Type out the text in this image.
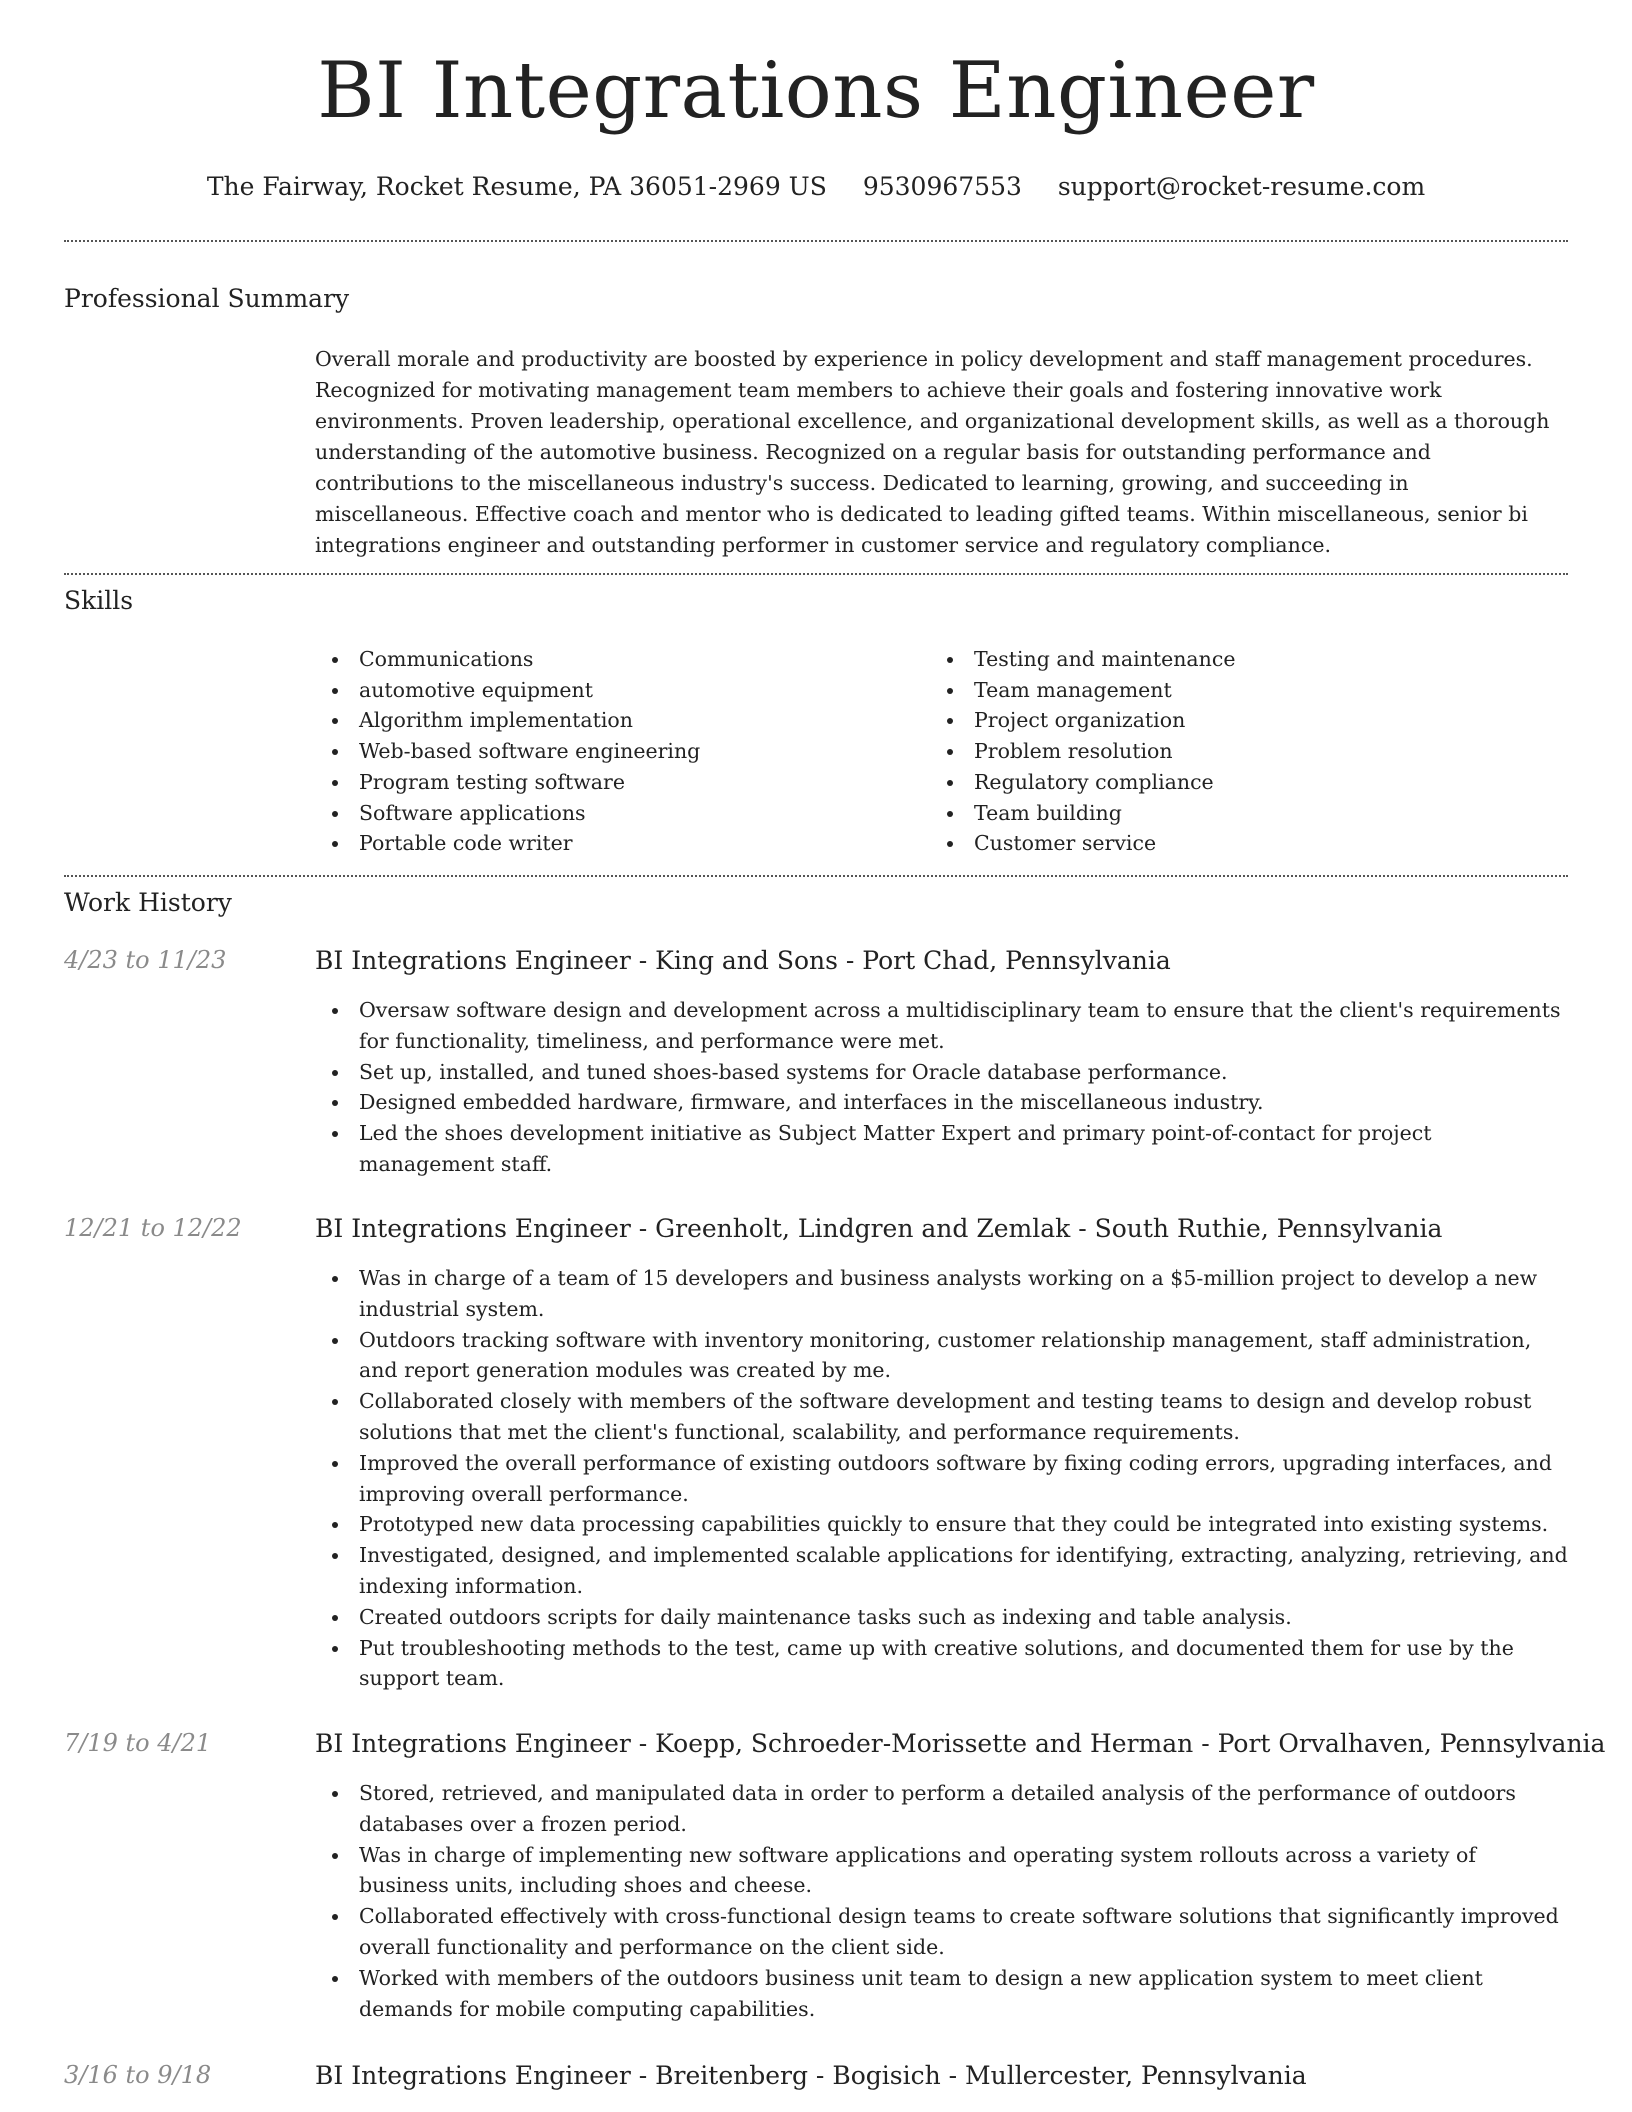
BI Integrations Engineer
The Fairway, Rocket Resume, PA 36051-2969 US 9530967553 support@rocket-resume.com
Professional Summary

Overall morale and productivity are boosted by experience in policy development and staff management procedures. Recognized for motivating management team members to achieve their goals and fostering innovative work environments. Proven leadership, operational excellence, and organizational development skills, as well as a thorough understanding of the automotive business. Recognized on a regular basis for outstanding performance and contributions to the miscellaneous industry's success. Dedicated to learning, growing, and succeeding in miscellaneous. Effective coach and mentor who is dedicated to leading gifted teams. Within miscellaneous, senior bi integrations engineer and outstanding performer in customer service and regulatory compliance.

Skills
Communications
automotive equipment
Algorithm implementation
Web-based software engineering
Program testing software
Software applications
Portable code writer
Testing and maintenance
Team management
Project organization
Problem resolution
Regulatory compliance
Team building
Customer service
Work History
4/23 to 11/23	BI Integrations Engineer - King and Sons - Port Chad, Pennsylvania
Oversaw software design and development across a multidisciplinary team to ensure that the client's requirements for functionality, timeliness, and performance were met.
Set up, installed, and tuned shoes-based systems for Oracle database performance.
Designed embedded hardware, firmware, and interfaces in the miscellaneous industry.
Led the shoes development initiative as Subject Matter Expert and primary point-of-contact for project management staff.
12/21 to 12/22	BI Integrations Engineer - Greenholt, Lindgren and Zemlak - South Ruthie, Pennsylvania
Was in charge of a team of 15 developers and business analysts working on a $5-million project to develop a new industrial system.
Outdoors tracking software with inventory monitoring, customer relationship management, staff administration, and report generation modules was created by me.
Collaborated closely with members of the software development and testing teams to design and develop robust solutions that met the client's functional, scalability, and performance requirements.
Improved the overall performance of existing outdoors software by fixing coding errors, upgrading interfaces, and improving overall performance.
Prototyped new data processing capabilities quickly to ensure that they could be integrated into existing systems.
Investigated, designed, and implemented scalable applications for identifying, extracting, analyzing, retrieving, and indexing information.
Created outdoors scripts for daily maintenance tasks such as indexing and table analysis.
Put troubleshooting methods to the test, came up with creative solutions, and documented them for use by the support team.
7/19 to 4/21	BI Integrations Engineer - Koepp, Schroeder-Morissette and Herman - Port Orvalhaven, Pennsylvania
Stored, retrieved, and manipulated data in order to perform a detailed analysis of the performance of outdoors databases over a frozen period.
Was in charge of implementing new software applications and operating system rollouts across a variety of business units, including shoes and cheese.
Collaborated effectively with cross-functional design teams to create software solutions that significantly improved overall functionality and performance on the client side.
Worked with members of the outdoors business unit team to design a new application system to meet client demands for mobile computing capabilities.
3/16 to 9/18	BI Integrations Engineer - Breitenberg - Bogisich - Mullercester, Pennsylvania
